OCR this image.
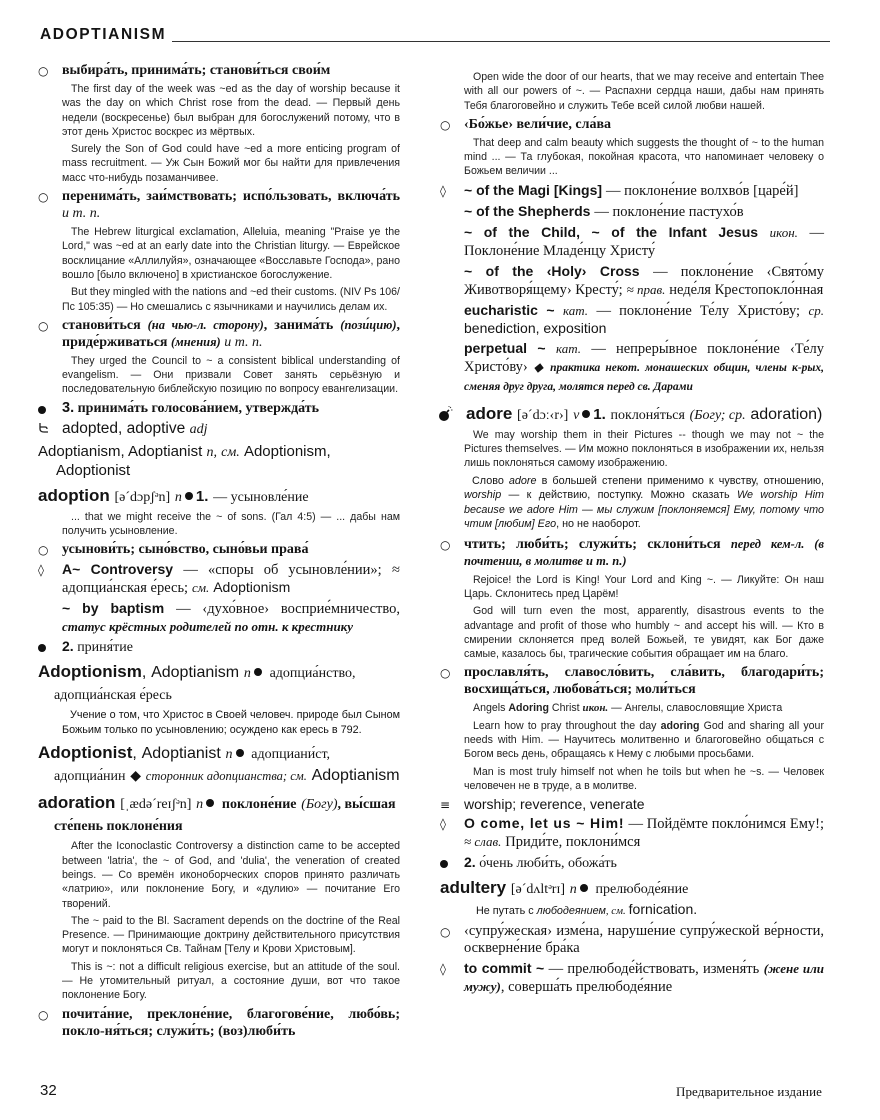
ADOPTIANISM
○ выбира́ть, принима́ть; станови́ться свои́м
The first day of the week was ~ed as the day of worship because it was the day on which Christ rose from the dead. — Первый день недели (воскресенье) был выбран для богослужений потому, что в этот день Христос воскрес из мёртвых.
Surely the Son of God could have ~ed a more enticing program of mass recruitment. — Уж Сын Божий мог бы найти для привлечения масс что-нибудь позаманчивее.
○ перенима́ть, заи́мствовать; испо́льзовать, включа́ть и т. п.
The Hebrew liturgical exclamation, Alleluia, meaning "Praise ye the Lord," was ~ed at an early date into the Christian liturgy. — Еврейское восклицание «Аллилуйя», означающее «Восславьте Господа», рано вошло [было включено] в христианское богослужение.
But they mingled with the nations and ~ed their customs. (NIV Ps 106/Пс 105:35) — Но смешались с язычниками и научились делам их.
○ станови́ться (на чью-л. сторону), занима́ть (пози́цию), приде́рживаться (мнения) и т. п.
They urged the Council to ~ a consistent biblical understanding of evangelism. — Они призвали Совет занять серьёзную и последовательную библейскую позицию по вопросу евангелизации.
3. принима́ть голосова́нием, утвержда́ть
adopted, adoptive adj
Adoptianism, Adoptianist n, см. Adoptionism, Adoptionist
adoption [ə´dɔpʃᵊn] n 1. — усыновле́ние
... that we might receive the ~ of sons. (Гал 4:5) — ... дабы нам получить усыновление.
○ усынови́ть; сыно́вство, сыно́вьи права́
◊	A~ Controversy — «споры об усыновле́нии»; ≈ адопциа́нская е́ресь; см. Adoptionism
~ by baptism — ‹духо́вное› восприе́мничество, статус крёстных родителей по отн. к крестнику
2. приня́тие
Adoptionism, Adoptianism n адопциа́нство, адопциа́нская е́ресь
Учение о том, что Христос в Своей человеч. природе был Сыном Божьим только по усыновлению; осуждено как ересь в 792.
Adoptionist, Adoptianist n адопциани́ст, адопциа́нин ◆ сторонник адопцианства; см. Adoptianism
adoration [ˌædə´reɪʃᵊn] n поклоне́ние (Богу), вы́сшая сте́пень поклоне́ния
After the Iconoclastic Controversy a distinction came to be accepted between 'latria', the ~ of God, and 'dulia', the veneration of created beings. — Со времён иконоборческих споров принято различать «латрию», или поклонение Богу, и «дулию» — почитание Его творений.
The ~ paid to the Bl. Sacrament depends on the doctrine of the Real Presence. — Принимающие доктрину действительного присутствия могут и поклоняться Св. Тайнам [Телу и Крови Христовым].
This is ~: not a difficult religious exercise, but an attitude of the soul. — Не утомительный ритуал, а состояние души, вот что такое поклонение Богу.
○ почита́ние, преклоне́ние, благогове́ние, любо́вь; покло-ня́ться; служи́ть; (воз)люби́ть
Open wide the door of our hearts, that we may receive and entertain Thee with all our powers of ~. — Распахни сердца наши, дабы нам принять Тебя благоговейно и служить Тебе всей силой любви нашей.
○ ‹Бо́жье› вели́чие, сла́ва
That deep and calm beauty which suggests the thought of ~ to the human mind ... — Та глубокая, покойная красота, что напоминает человеку о Божьем величии ...
◊	~ of the Magi [Kings] — поклоне́ние волхво́в [царе́й]
~ of the Shepherds — поклоне́ние пастухо́в
~ of the Child, ~ of the Infant Jesus икон. — Поклоне́ние Младе́нцу Христу́
~ of the ‹Holy› Cross — поклоне́ние ‹Свято́му Животворя́щему› Кресту́; ≈ прав. неде́ля Крестопокло́нная
eucharistic ~ кат. — поклоне́ние Те́лу Христо́ву; ср. benediction, exposition
perpetual ~ кат. — непреры́вное поклоне́ние ‹Те́лу Христо́ву› ◆ практика некот. монашеских общин, члены к-рых, сменяя друг друга, молятся перед св. Дарами
adore [ə´dɔː‹r›] v 1. поклоня́ться (Богу; ср. adoration)
We may worship them in their Pictures -- though we may not ~ the Pictures themselves. — Им можно поклоняться в изображении их, нельзя лишь поклоняться самому изображению.
Слово adore в большей степени применимо к чувству, отношению, worship — к действию, поступку. Можно сказать We worship Him because we adore Him — мы служим [поклоняемся] Ему, потому что чтим [любим] Его, но не наоборот.
○ чтить; люби́ть; служи́ть; склони́ться перед кем-л. (в почтении, в молитве и т. п.)
Rejoice! the Lord is King! Your Lord and King ~. — Ликуйте: Он наш Царь. Склонитесь пред Царём!
God will turn even the most, apparently, disastrous events to the advantage and profit of those who humbly ~ and accept his will. — Кто в смирении склоняется пред волей Божьей, те увидят, как Бог даже самые, казалось бы, трагические события обращает им на благо.
○ прославля́ть, славосло́вить, сла́вить, благодари́ть; восхища́ться, любова́ться; моли́ться
Angels Adoring Christ икон. — Ангелы, славословящие Христа
Learn how to pray throughout the day adoring God and sharing all your needs with Him. — Научитесь молитвенно и благоговейно общаться с Богом весь день, обращаясь к Нему с любыми просьбами.
Man is most truly himself not when he toils but when he ~s. — Человек человечен не в труде, а в молитве.
≡ worship; reverence, venerate
◊	O come, let us ~ Him! — Пойдёмте покло́нимся Ему!; ≈ слав. Приди́те, поклони́мся
2. о́чень люби́ть, обожа́ть
adultery [ə´dʌltᵊrɪ] n прелюбоде́яние
Не путать с любодеянием, см. fornication.
○ ‹супру́жеская› изме́на, наруше́ние супру́жеской ве́рности, оскверне́ние бра́ка
◊	to commit ~ — прелюбоде́йствовать, изменя́ть (жене или мужу), соверша́ть прелюбоде́яние
32	Предварительное издание
